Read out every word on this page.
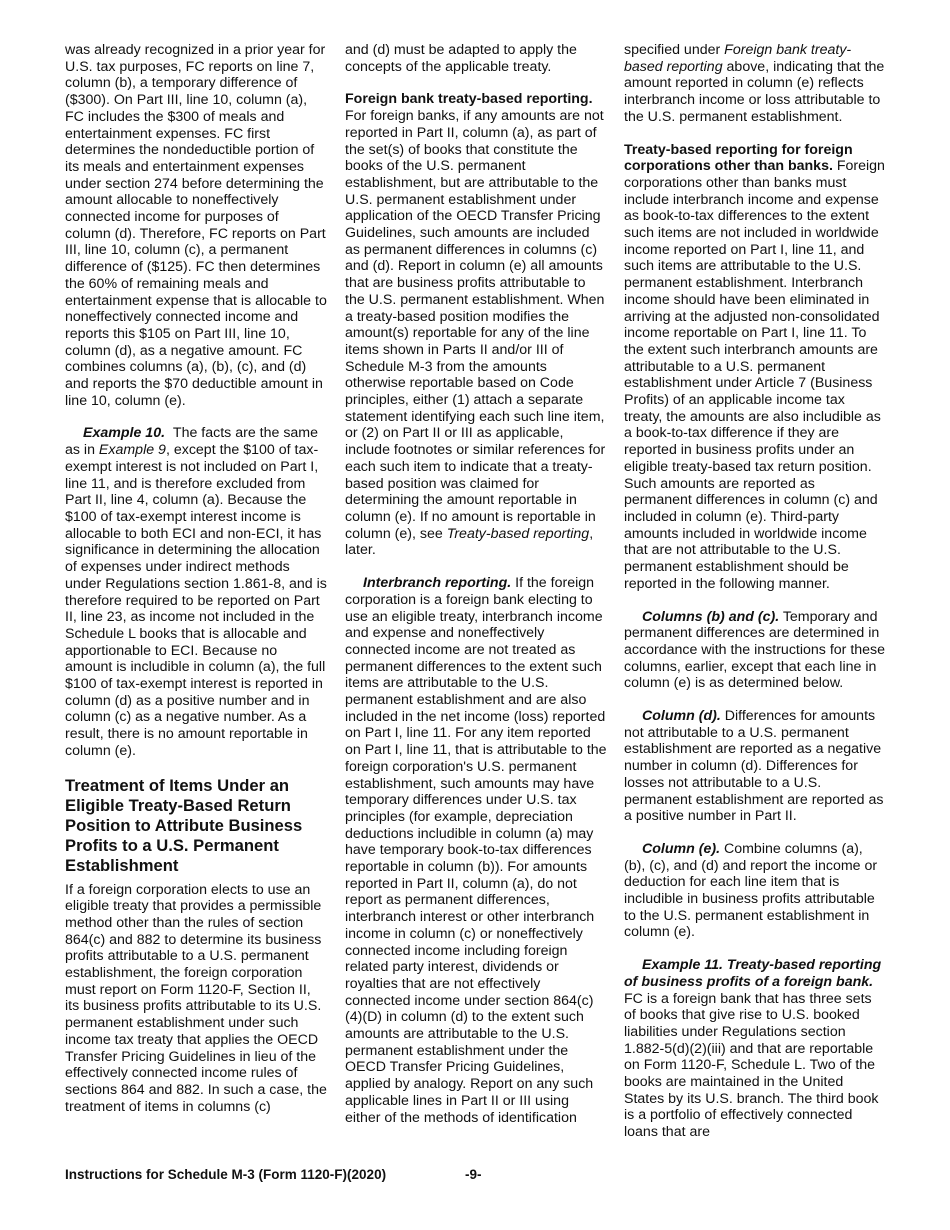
was already recognized in a prior year for U.S. tax purposes, FC reports on line 7, column (b), a temporary difference of ($300). On Part III, line 10, column (a), FC includes the $300 of meals and entertainment expenses. FC first determines the nondeductible portion of its meals and entertainment expenses under section 274 before determining the amount allocable to noneffectively connected income for purposes of column (d). Therefore, FC reports on Part III, line 10, column (c), a permanent difference of ($125). FC then determines the 60% of remaining meals and entertainment expense that is allocable to noneffectively connected income and reports this $105 on Part III, line 10, column (d), as a negative amount. FC combines columns (a), (b), (c), and (d) and reports the $70 deductible amount in line 10, column (e).

Example 10. The facts are the same as in Example 9, except the $100 of tax-exempt interest is not included on Part I, line 11, and is therefore excluded from Part II, line 4, column (a). Because the $100 of tax-exempt interest income is allocable to both ECI and non-ECI, it has significance in determining the allocation of expenses under indirect methods under Regulations section 1.861-8, and is therefore required to be reported on Part II, line 23, as income not included in the Schedule L books that is allocable and apportionable to ECI. Because no amount is includible in column (a), the full $100 of tax-exempt interest is reported in column (d) as a positive number and in column (c) as a negative number. As a result, there is no amount reportable in column (e).

Treatment of Items Under an Eligible Treaty-Based Return Position to Attribute Business Profits to a U.S. Permanent Establishment

If a foreign corporation elects to use an eligible treaty that provides a permissible method other than the rules of section 864(c) and 882 to determine its business profits attributable to a U.S. permanent establishment, the foreign corporation must report on Form 1120-F, Section II, its business profits attributable to its U.S. permanent establishment under such income tax treaty that applies the OECD Transfer Pricing Guidelines in lieu of the effectively connected income rules of sections 864 and 882. In such a case, the treatment of items in columns (c)

and (d) must be adapted to apply the concepts of the applicable treaty.

Foreign bank treaty-based reporting. For foreign banks, if any amounts are not reported in Part II, column (a), as part of the set(s) of books that constitute the books of the U.S. permanent establishment, but are attributable to the U.S. permanent establishment under application of the OECD Transfer Pricing Guidelines, such amounts are included as permanent differences in columns (c) and (d). Report in column (e) all amounts that are business profits attributable to the U.S. permanent establishment. When a treaty-based position modifies the amount(s) reportable for any of the line items shown in Parts II and/or III of Schedule M-3 from the amounts otherwise reportable based on Code principles, either (1) attach a separate statement identifying each such line item, or (2) on Part II or III as applicable, include footnotes or similar references for each such item to indicate that a treaty-based position was claimed for determining the amount reportable in column (e). If no amount is reportable in column (e), see Treaty-based reporting, later.

Interbranch reporting. If the foreign corporation is a foreign bank electing to use an eligible treaty, interbranch income and expense and noneffectively connected income are not treated as permanent differences to the extent such items are attributable to the U.S. permanent establishment and are also included in the net income (loss) reported on Part I, line 11. For any item reported on Part I, line 11, that is attributable to the foreign corporation's U.S. permanent establishment, such amounts may have temporary differences under U.S. tax principles (for example, depreciation deductions includible in column (a) may have temporary book-to-tax differences reportable in column (b)). For amounts reported in Part II, column (a), do not report as permanent differences, interbranch interest or other interbranch income in column (c) or noneffectively connected income including foreign related party interest, dividends or royalties that are not effectively connected income under section 864(c)(4)(D) in column (d) to the extent such amounts are attributable to the U.S. permanent establishment under the OECD Transfer Pricing Guidelines, applied by analogy. Report on any such applicable lines in Part II or III using either of the methods of identification

specified under Foreign bank treaty-based reporting above, indicating that the amount reported in column (e) reflects interbranch income or loss attributable to the U.S. permanent establishment.

Treaty-based reporting for foreign corporations other than banks. Foreign corporations other than banks must include interbranch income and expense as book-to-tax differences to the extent such items are not included in worldwide income reported on Part I, line 11, and such items are attributable to the U.S. permanent establishment. Interbranch income should have been eliminated in arriving at the adjusted non-consolidated income reportable on Part I, line 11. To the extent such interbranch amounts are attributable to a U.S. permanent establishment under Article 7 (Business Profits) of an applicable income tax treaty, the amounts are also includible as a book-to-tax difference if they are reported in business profits under an eligible treaty-based tax return position. Such amounts are reported as permanent differences in column (c) and included in column (e). Third-party amounts included in worldwide income that are not attributable to the U.S. permanent establishment should be reported in the following manner.

Columns (b) and (c). Temporary and permanent differences are determined in accordance with the instructions for these columns, earlier, except that each line in column (e) is as determined below.

Column (d). Differences for amounts not attributable to a U.S. permanent establishment are reported as a negative number in column (d). Differences for losses not attributable to a U.S. permanent establishment are reported as a positive number in Part II.

Column (e). Combine columns (a), (b), (c), and (d) and report the income or deduction for each line item that is includible in business profits attributable to the U.S. permanent establishment in column (e).

Example 11. Treaty-based reporting of business profits of a foreign bank. FC is a foreign bank that has three sets of books that give rise to U.S. booked liabilities under Regulations section 1.882-5(d)(2)(iii) and that are reportable on Form 1120-F, Schedule L. Two of the books are maintained in the United States by its U.S. branch. The third book is a portfolio of effectively connected loans that are

Instructions for Schedule M-3 (Form 1120-F)(2020)	-9-
